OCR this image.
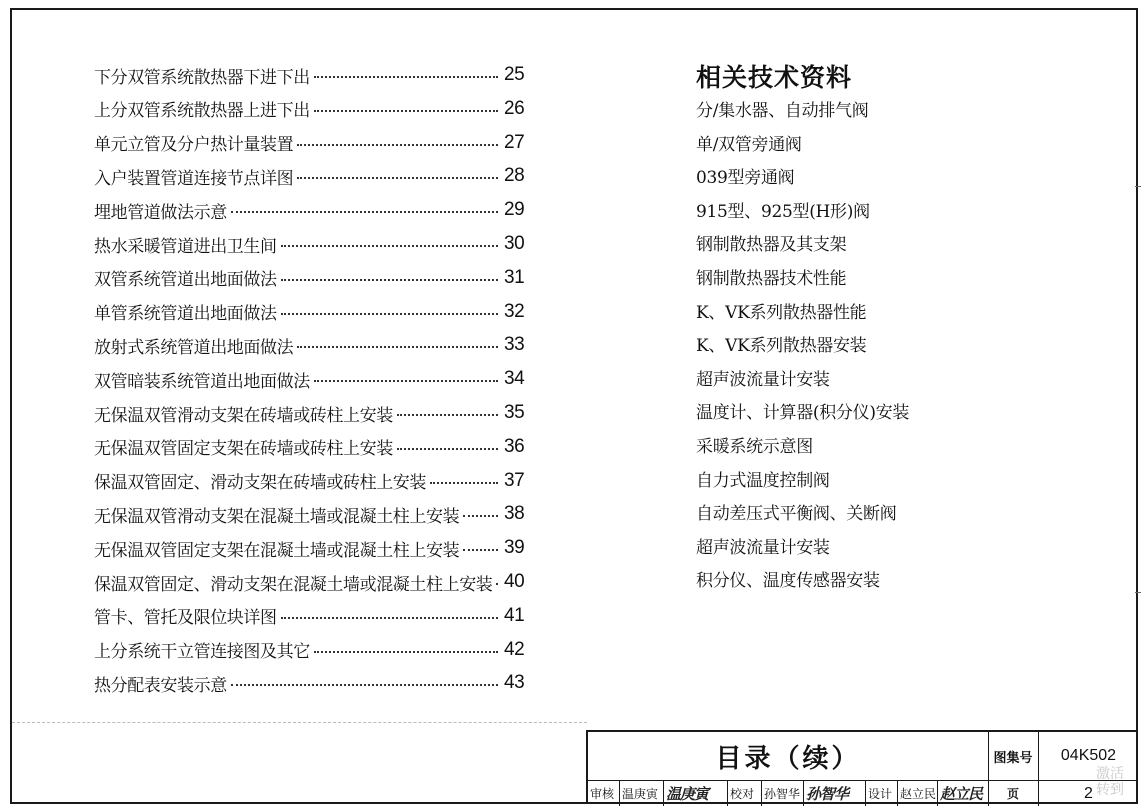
下分双管系统散热器下进下出	25
上分双管系统散热器上进下出	26
单元立管及分户热计量装置	27
入户装置管道连接节点详图	28
埋地管道做法示意	29
热水采暖管道进出卫生间	30
双管系统管道出地面做法	31
单管系统管道出地面做法	32
放射式系统管道出地面做法	33
双管暗装系统管道出地面做法	34
无保温双管滑动支架在砖墙或砖柱上安装	35
无保温双管固定支架在砖墙或砖柱上安装	36
保温双管固定、滑动支架在砖墙或砖柱上安装	37
无保温双管滑动支架在混凝土墙或混凝土柱上安装 38
无保温双管固定支架在混凝土墙或混凝土柱上安装 39
保温双管固定、滑动支架在混凝土墙或混凝土柱上安装 40
管卡、管托及限位块详图	41
上分系统干立管连接图及其它	42
热分配表安装示意	43
相关技术资料
分/集水器、自动排气阀
单/双管旁通阀
039型旁通阀
915型、925型(H形)阀
钢制散热器及其支架
钢制散热器技术性能
K、VK系列散热器性能
K、VK系列散热器安装
超声波流量计安装
温度计、计算器(积分仪)安装
采暖系统示意图
自力式温度控制阀
自动差压式平衡阀、关断阀
超声波流量计安装
积分仪、温度传感器安装
目录（续）	图集号	04K502
审核 温庚寅 温庚寅	校对 孙智华 孙智华	设计 赵立民 赵立民	页	2
激活
转到
